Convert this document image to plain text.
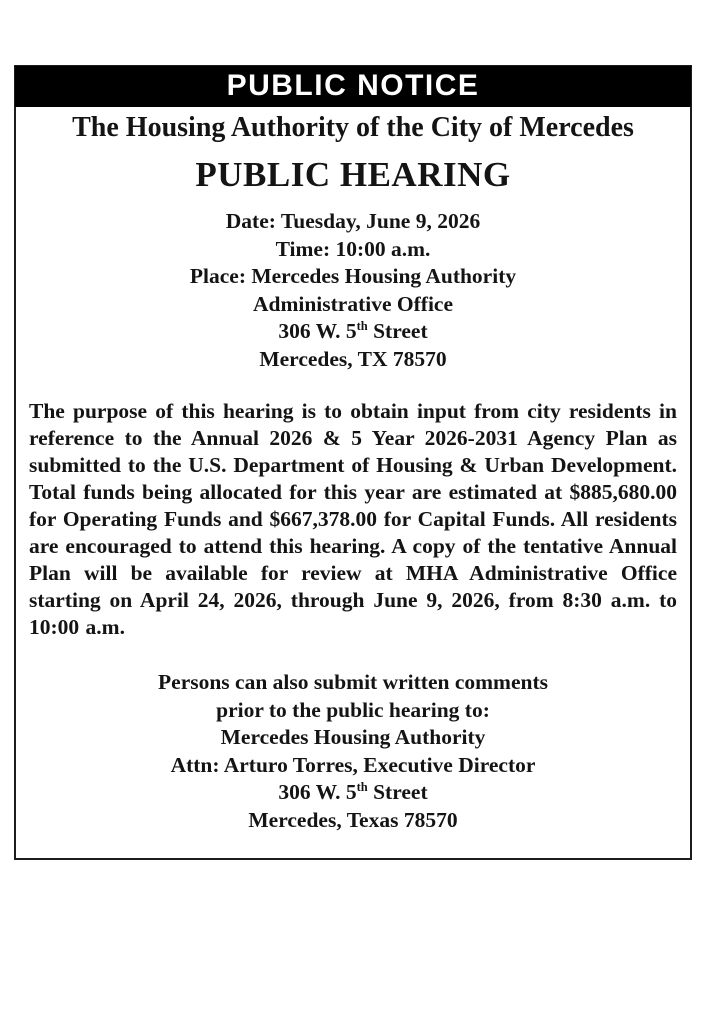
PUBLIC NOTICE
The Housing Authority of the City of Mercedes
PUBLIC HEARING
Date: Tuesday, June 9, 2026
Time: 10:00 a.m.
Place: Mercedes Housing Authority
Administrative Office
306 W. 5th Street
Mercedes, TX 78570
The purpose of this hearing is to obtain input from city residents in reference to the Annual 2026 & 5 Year 2026-2031 Agency Plan as submitted to the U.S. Department of Housing & Urban Development. Total funds being allocated for this year are estimated at $885,680.00 for Operating Funds and $667,378.00 for Capital Funds. All residents are encouraged to attend this hearing. A copy of the tentative Annual Plan will be available for review at MHA Administrative Office starting on April 24, 2026, through June 9, 2026, from 8:30 a.m. to 10:00 a.m.
Persons can also submit written comments
prior to the public hearing to:
Mercedes Housing Authority
Attn: Arturo Torres, Executive Director
306 W. 5th Street
Mercedes, Texas 78570
